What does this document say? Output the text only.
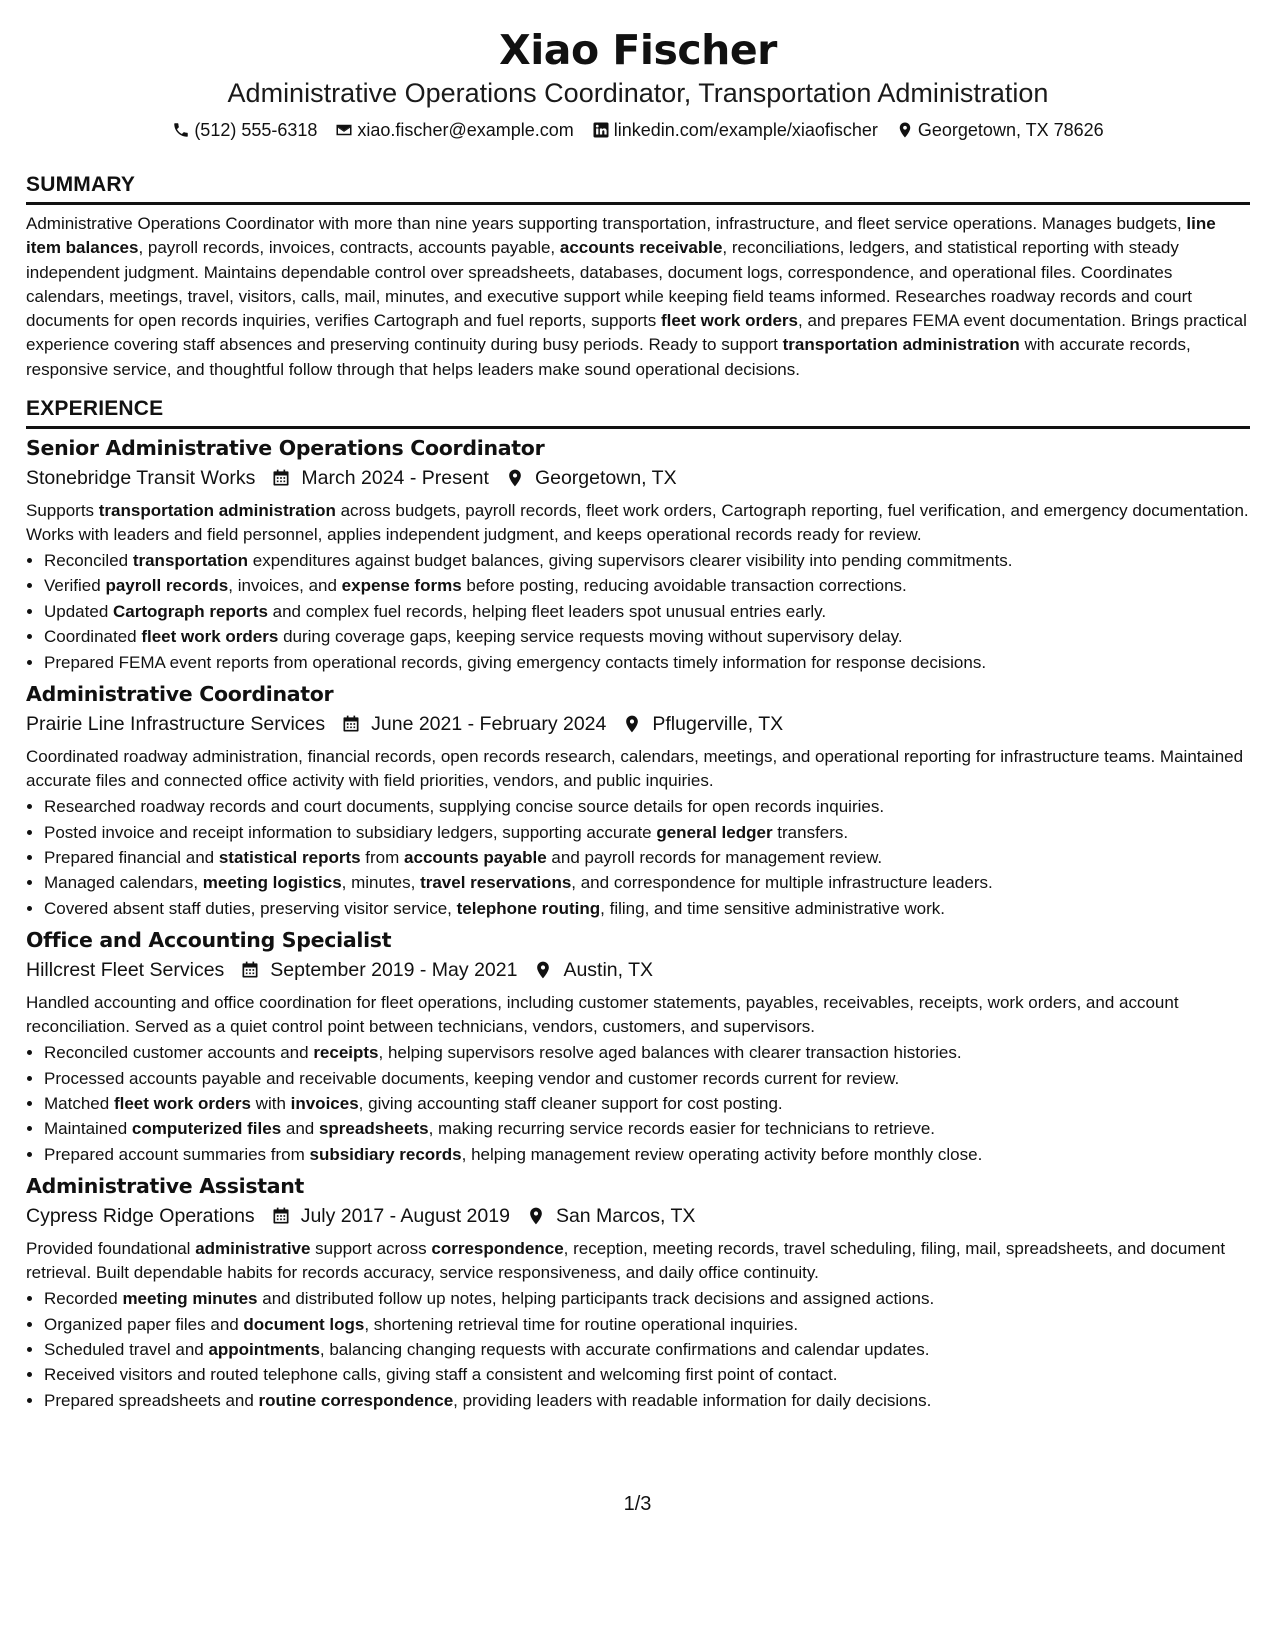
Xiao Fischer
Administrative Operations Coordinator, Transportation Administration
(512) 555-6318 xiao.fischer@example.com linkedin.com/example/xiaofischer Georgetown, TX 78626
SUMMARY
Administrative Operations Coordinator with more than nine years supporting transportation, infrastructure, and fleet service operations. Manages budgets, line item balances, payroll records, invoices, contracts, accounts payable, accounts receivable, reconciliations, ledgers, and statistical reporting with steady independent judgment. Maintains dependable control over spreadsheets, databases, document logs, correspondence, and operational files. Coordinates calendars, meetings, travel, visitors, calls, mail, minutes, and executive support while keeping field teams informed. Researches roadway records and court documents for open records inquiries, verifies Cartograph and fuel reports, supports fleet work orders, and prepares FEMA event documentation. Brings practical experience covering staff absences and preserving continuity during busy periods. Ready to support transportation administration with accurate records, responsive service, and thoughtful follow through that helps leaders make sound operational decisions.
EXPERIENCE
Senior Administrative Operations Coordinator
Stonebridge Transit Works March 2024 - Present Georgetown, TX
Supports transportation administration across budgets, payroll records, fleet work orders, Cartograph reporting, fuel verification, and emergency documentation. Works with leaders and field personnel, applies independent judgment, and keeps operational records ready for review.
• Reconciled transportation expenditures against budget balances, giving supervisors clearer visibility into pending commitments.
• Verified payroll records, invoices, and expense forms before posting, reducing avoidable transaction corrections.
• Updated Cartograph reports and complex fuel records, helping fleet leaders spot unusual entries early.
• Coordinated fleet work orders during coverage gaps, keeping service requests moving without supervisory delay.
• Prepared FEMA event reports from operational records, giving emergency contacts timely information for response decisions.
Administrative Coordinator
Prairie Line Infrastructure Services June 2021 - February 2024 Pflugerville, TX
Coordinated roadway administration, financial records, open records research, calendars, meetings, and operational reporting for infrastructure teams. Maintained accurate files and connected office activity with field priorities, vendors, and public inquiries.
• Researched roadway records and court documents, supplying concise source details for open records inquiries.
• Posted invoice and receipt information to subsidiary ledgers, supporting accurate general ledger transfers.
• Prepared financial and statistical reports from accounts payable and payroll records for management review.
• Managed calendars, meeting logistics, minutes, travel reservations, and correspondence for multiple infrastructure leaders.
• Covered absent staff duties, preserving visitor service, telephone routing, filing, and time sensitive administrative work.
Office and Accounting Specialist
Hillcrest Fleet Services September 2019 - May 2021 Austin, TX
Handled accounting and office coordination for fleet operations, including customer statements, payables, receivables, receipts, work orders, and account reconciliation. Served as a quiet control point between technicians, vendors, customers, and supervisors.
• Reconciled customer accounts and receipts, helping supervisors resolve aged balances with clearer transaction histories.
• Processed accounts payable and receivable documents, keeping vendor and customer records current for review.
• Matched fleet work orders with invoices, giving accounting staff cleaner support for cost posting.
• Maintained computerized files and spreadsheets, making recurring service records easier for technicians to retrieve.
• Prepared account summaries from subsidiary records, helping management review operating activity before monthly close.
Administrative Assistant
Cypress Ridge Operations July 2017 - August 2019 San Marcos, TX
Provided foundational administrative support across correspondence, reception, meeting records, travel scheduling, filing, mail, spreadsheets, and document retrieval. Built dependable habits for records accuracy, service responsiveness, and daily office continuity.
• Recorded meeting minutes and distributed follow up notes, helping participants track decisions and assigned actions.
• Organized paper files and document logs, shortening retrieval time for routine operational inquiries.
• Scheduled travel and appointments, balancing changing requests with accurate confirmations and calendar updates.
• Received visitors and routed telephone calls, giving staff a consistent and welcoming first point of contact.
• Prepared spreadsheets and routine correspondence, providing leaders with readable information for daily decisions.
1/3
